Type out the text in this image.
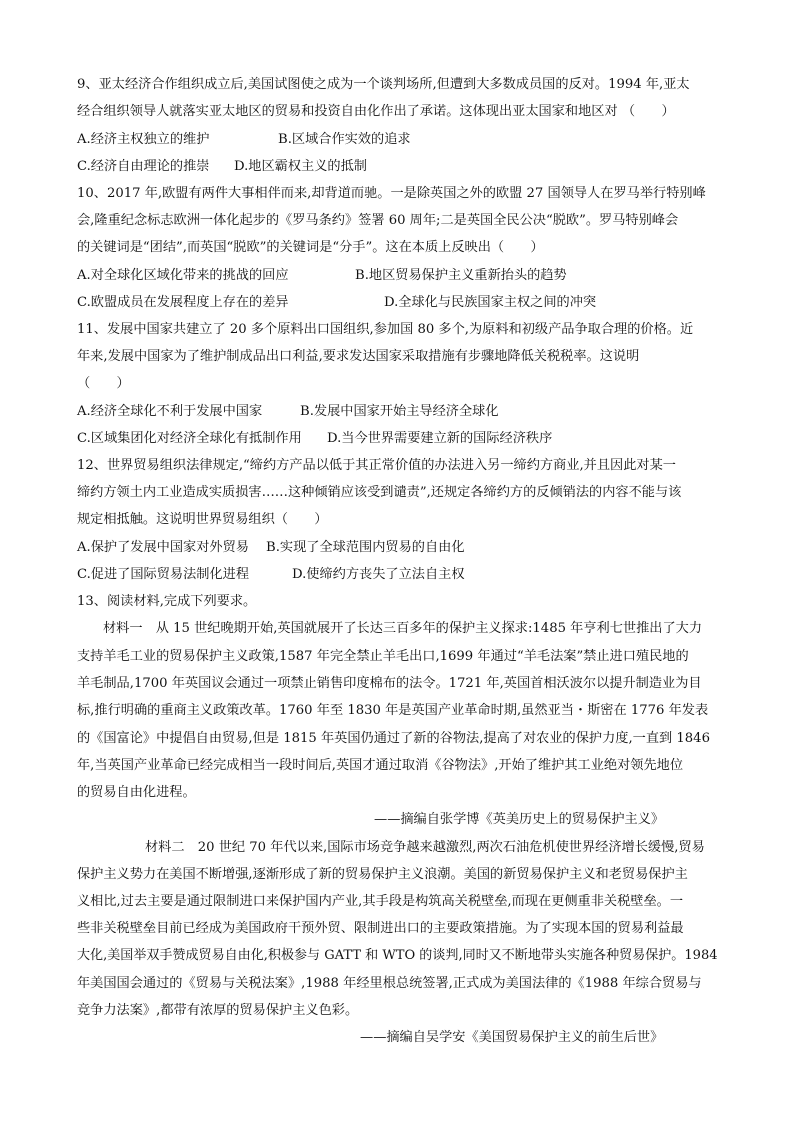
9、亚太经济合作组织成立后,美国试图使之成为一个谈判场所,但遭到大多数成员国的反对。1994 年,亚太
经合组织领导人就落实亚太地区的贸易和投资自由化作出了承诺。这体现出亚太国家和地区对 （　　）
A.经济主权独立的维护	B.区域合作实效的追求
C.经济自由理论的推崇 D.地区霸权主义的抵制
10、2017 年,欧盟有两件大事相伴而来,却背道而驰。一是除英国之外的欧盟 27 国领导人在罗马举行特别峰
会,隆重纪念标志欧洲一体化起步的《罗马条约》签署 60 周年;二是英国全民公决“脱欧”。罗马特别峰会
的关键词是“团结”,而英国“脱欧”的关键词是“分手”。这在本质上反映出（　　）
A.对全球化区域化带来的挑战的回应	B.地区贸易保护主义重新抬头的趋势
C.欧盟成员在发展程度上存在的差异	D.全球化与民族国家主权之间的冲突
11、发展中国家共建立了 20 多个原料出口国组织,参加国 80 多个,为原料和初级产品争取合理的价格。近
年来,发展中国家为了维护制成品出口利益,要求发达国家采取措施有步骤地降低关税税率。这说明
（　　）
A.经济全球化不利于发展中国家	B.发展中国家开始主导经济全球化
C.区域集团化对经济全球化有抵制作用 D.当今世界需要建立新的国际经济秩序
12、世界贸易组织法律规定,“缔约方产品以低于其正常价值的办法进入另一缔约方商业,并且因此对某一
缔约方领土内工业造成实质损害……这种倾销应该受到谴责”,还规定各缔约方的反倾销法的内容不能与该
规定相抵触。这说明世界贸易组织（　　）
A.保护了发展中国家对外贸易 B.实现了全球范围内贸易的自由化
C.促进了国际贸易法制化进程	D.使缔约方丧失了立法自主权
13、阅读材料,完成下列要求。
材料一　从 15 世纪晚期开始,英国就展开了长达三百多年的保护主义探求:1485 年亨利七世推出了大力
支持羊毛工业的贸易保护主义政策,1587 年完全禁止羊毛出口,1699 年通过“羊毛法案”禁止进口殖民地的
羊毛制品,1700 年英国议会通过一项禁止销售印度棉布的法令。1721 年,英国首相沃波尔以提升制造业为目
标,推行明确的重商主义政策改革。1760 年至 1830 年是英国产业革命时期,虽然亚当・斯密在 1776 年发表
的《国富论》中提倡自由贸易,但是 1815 年英国仍通过了新的谷物法,提高了对农业的保护力度,一直到 1846
年,当英国产业革命已经完成相当一段时间后,英国才通过取消《谷物法》,开始了维护其工业绝对领先地位
的贸易自由化进程。
——摘编自张学博《英美历史上的贸易保护主义》
材料二　20 世纪 70 年代以来,国际市场竞争越来越激烈,两次石油危机使世界经济增长缓慢,贸易
保护主义势力在美国不断增强,逐渐形成了新的贸易保护主义浪潮。美国的新贸易保护主义和老贸易保护主
义相比,过去主要是通过限制进口来保护国内产业,其手段是构筑高关税壁垒,而现在更侧重非关税壁垒。一
些非关税壁垒目前已经成为美国政府干预外贸、限制进出口的主要政策措施。为了实现本国的贸易利益最
大化,美国举双手赞成贸易自由化,积极参与 GATT 和 WTO 的谈判,同时又不断地带头实施各种贸易保护。1984
年美国国会通过的《贸易与关税法案》,1988 年经里根总统签署,正式成为美国法律的《1988 年综合贸易与
竞争力法案》,都带有浓厚的贸易保护主义色彩。
——摘编自吴学安《美国贸易保护主义的前生后世》
